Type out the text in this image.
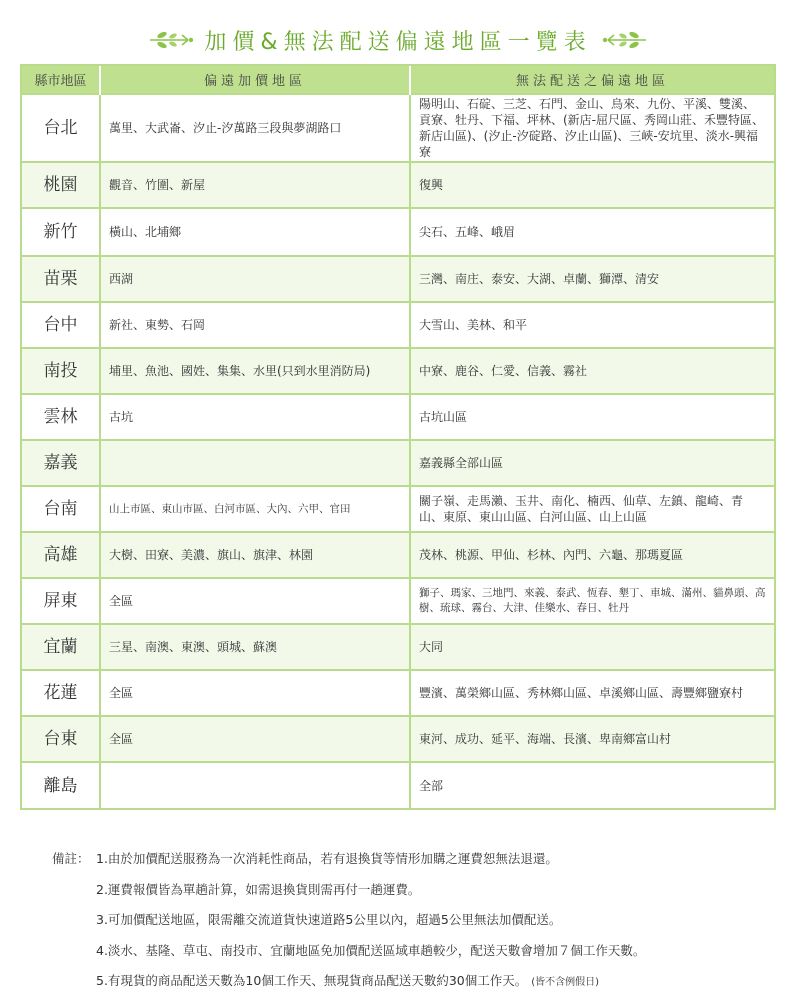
加價&無法配送偏遠地區一覽表
縣市地區	偏遠加價地區	無法配送之偏遠地區
台北	萬里、大武崙、汐止-汐萬路三段與夢湖路口	陽明山、石碇、三芝、石門、金山、烏來、九份、平溪、雙溪、貢寮、牡丹、下福、坪林、(新店-屈尺區、秀岡山莊、禾豐特區、新店山區)、(汐止-汐碇路、汐止山區)、三峽-安坑里、淡水-興福寮
桃園	觀音、竹圍、新屋	復興
新竹	橫山、北埔鄉	尖石、五峰、峨眉
苗栗	西湖	三灣、南庄、泰安、大湖、卓蘭、獅潭、清安
台中	新社、東勢、石岡	大雪山、美林、和平
南投	埔里、魚池、國姓、集集、水里(只到水里消防局)	中寮、鹿谷、仁愛、信義、霧社
雲林	古坑	古坑山區
嘉義		嘉義縣全部山區
台南	山上市區、東山市區、白河市區、大內、六甲、官田	關子嶺、走馬瀨、玉井、南化、楠西、仙草、左鎮、龍崎、青山、東原、東山山區、白河山區、山上山區
高雄	大樹、田寮、美濃、旗山、旗津、林園	茂林、桃源、甲仙、杉林、內門、六龜、那瑪夏區
屏東	全區	獅子、瑪家、三地門、來義、泰武、恆春、墾丁、車城、滿州、貓鼻頭、高樹、琉球、霧台、大津、佳樂水、春日、牡丹
宜蘭	三星、南澳、東澳、頭城、蘇澳	大同
花蓮	全區	豐濱、萬榮鄉山區、秀林鄉山區、卓溪鄉山區、壽豐鄉鹽寮村
台東	全區	東河、成功、延平、海端、長濱、卑南鄉富山村
離島		全部
備註： 1.由於加價配送服務為一次消耗性商品，若有退換貨等情形加購之運費恕無法退還。
2.運費報價皆為單趟計算，如需退換貨則需再付一趟運費。
3.可加價配送地區，限需離交流道貨快速道路5公里以內，超過5公里無法加價配送。
4.淡水、基隆、草屯、南投市、宜蘭地區免加價配送區域車趟較少，配送天數會增加７個工作天數。
5.有現貨的商品配送天數為10個工作天、無現貨商品配送天數約30個工作天。 (皆不含例假日)
